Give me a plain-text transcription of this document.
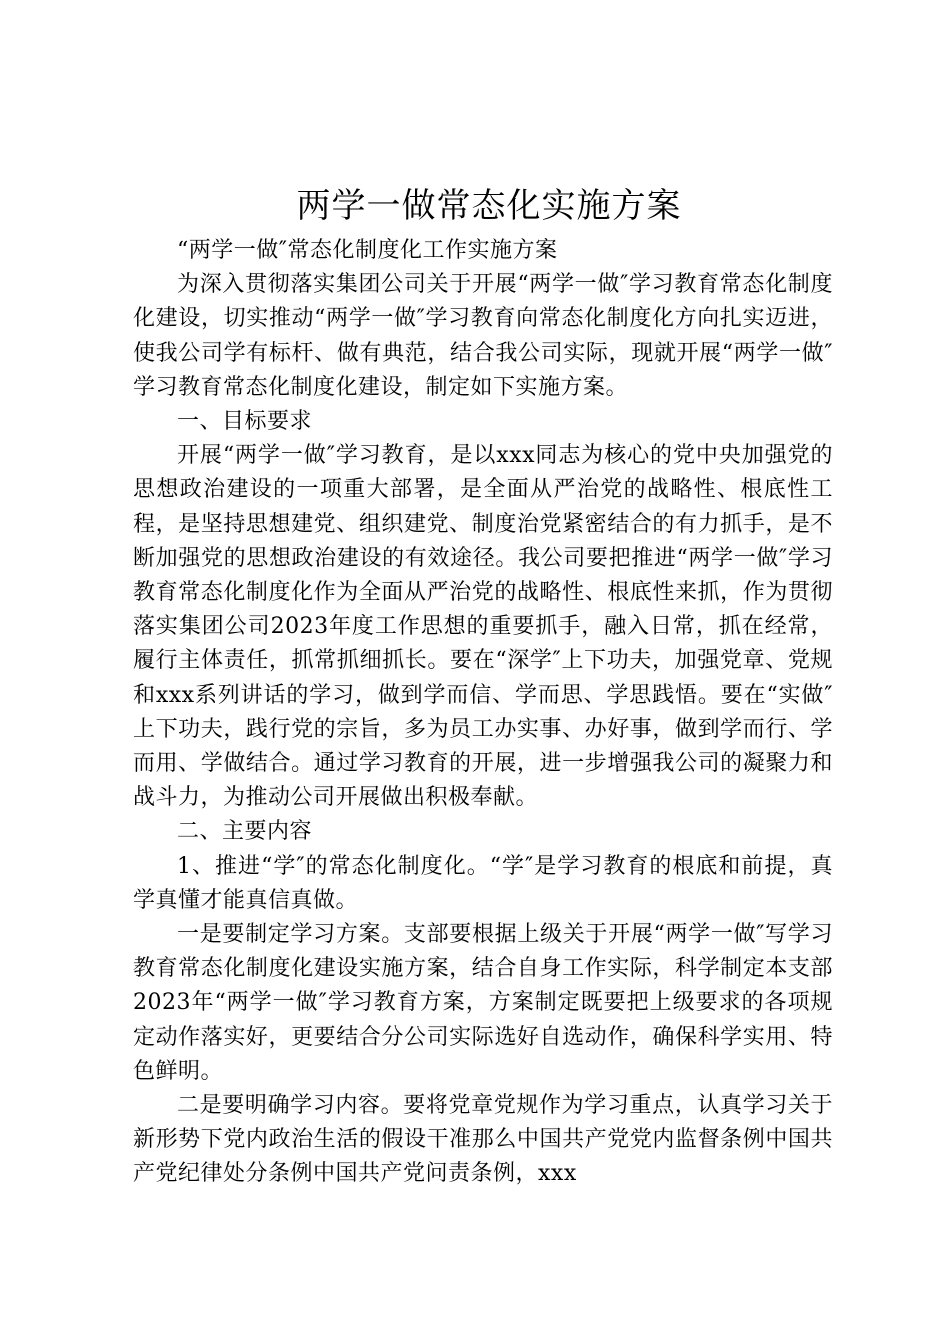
两学一做常态化实施方案

“两学一做″常态化制度化工作实施方案

为深入贯彻落实集团公司关于开展“两学一做″学习教育常态化制度化建设，切实推动“两学一做″学习教育向常态化制度化方向扎实迈进，使我公司学有标杆、做有典范，结合我公司实际，现就开展“两学一做″学习教育常态化制度化建设，制定如下实施方案。

一、目标要求

开展“两学一做″学习教育，是以xxx同志为核心的党中央加强党的思想政治建设的一项重大部署，是全面从严治党的战略性、根底性工程，是坚持思想建党、组织建党、制度治党紧密结合的有力抓手，是不断加强党的思想政治建设的有效途径。我公司要把推进“两学一做″学习教育常态化制度化作为全面从严治党的战略性、根底性来抓，作为贯彻落实集团公司2023年度工作思想的重要抓手，融入日常，抓在经常，履行主体责任，抓常抓细抓长。要在“深学″上下功夫，加强党章、党规和xxx系列讲话的学习，做到学而信、学而思、学思践悟。要在“实做″上下功夫，践行党的宗旨，多为员工办实事、办好事，做到学而行、学而用、学做结合。通过学习教育的开展，进一步增强我公司的凝聚力和战斗力，为推动公司开展做出积极奉献。

二、主要内容

1、推进“学″的常态化制度化。“学″是学习教育的根底和前提，真学真懂才能真信真做。

一是要制定学习方案。支部要根据上级关于开展“两学一做″写学习教育常态化制度化建设实施方案，结合自身工作实际，科学制定本支部2023年“两学一做″学习教育方案，方案制定既要把上级要求的各项规定动作落实好，更要结合分公司实际选好自选动作，确保科学实用、特色鲜明。

二是要明确学习内容。要将党章党规作为学习重点，认真学习关于新形势下党内政治生活的假设干准那么中国共产党党内监督条例中国共产党纪律处分条例中国共产党问责条例，xxx
